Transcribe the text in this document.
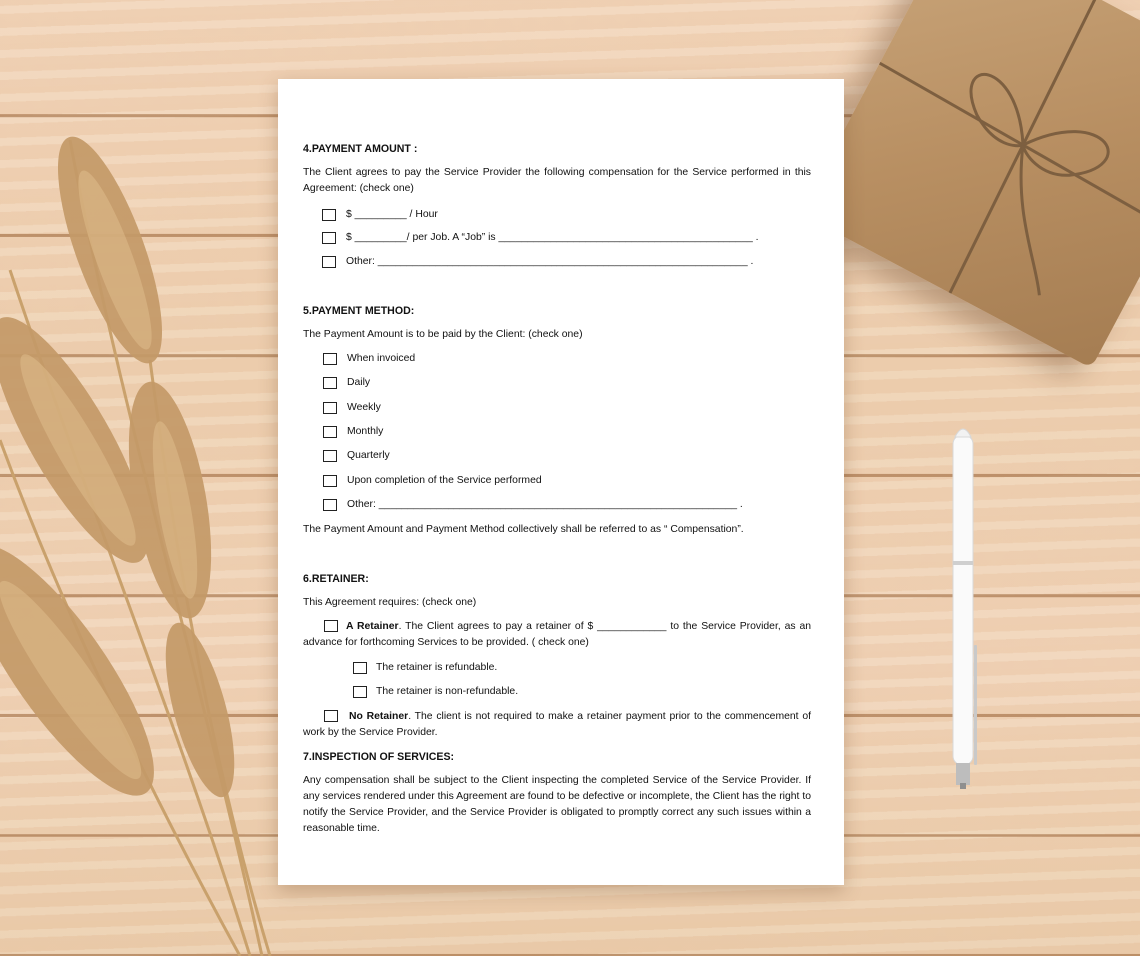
4.PAYMENT AMOUNT :
The Client agrees to pay the Service Provider the following compensation for the Service performed in this Agreement: (check one)
$ _________ / Hour
$ _________/ per Job. A “Job” is ____________________________________________ .
Other: ________________________________________________________________ .
5.PAYMENT METHOD:
The Payment Amount is to be paid by the Client: (check one)
When invoiced
Daily
Weekly
Monthly
Quarterly
Upon completion of the Service performed
Other: ______________________________________________________________ .
The Payment Amount and Payment Method collectively shall be referred to as “ Compensation”.
6.RETAINER:
This Agreement requires: (check one)
A Retainer. The Client agrees to pay a retainer of $ ____________ to the Service Provider, as an advance for forthcoming Services to be provided. ( check one)
The retainer is refundable.
The retainer is non-refundable.
No Retainer. The client is not required to make a retainer payment prior to the commencement of work by the Service Provider.
7.INSPECTION OF SERVICES:
Any compensation shall be subject to the Client inspecting the completed Service of the Service Provider. If any services rendered under this Agreement are found to be defective or incomplete, the Client has the right to notify the Service Provider, and the Service Provider is obligated to promptly correct any such issues within a reasonable time.
